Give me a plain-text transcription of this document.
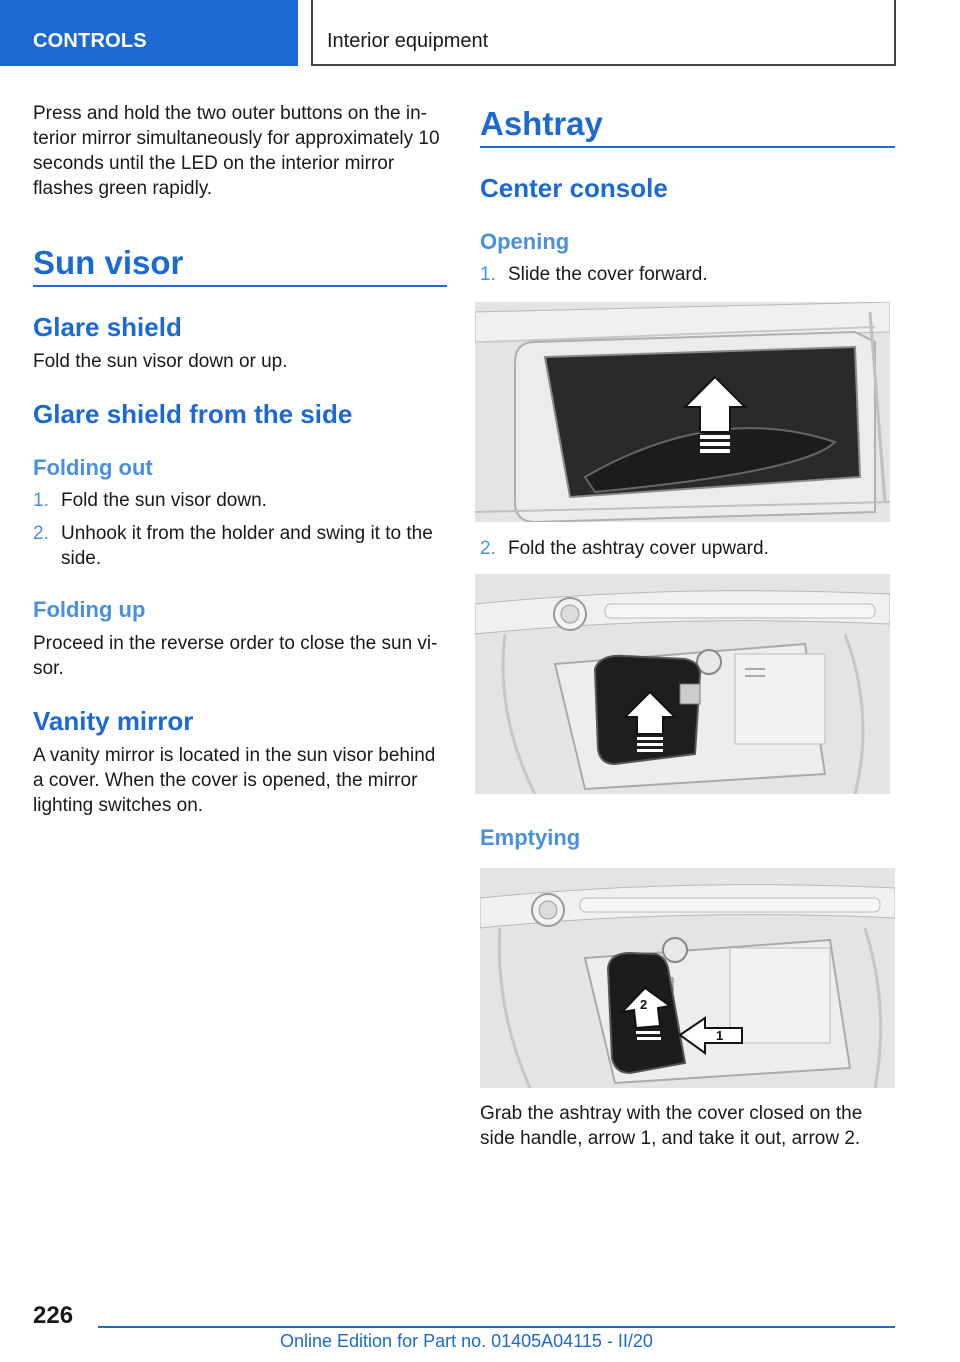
CONTROLS	Interior equipment

Press and hold the two outer buttons on the in-terior mirror simultaneously for approximately 10 seconds until the LED on the interior mirror flashes green rapidly.

Sun visor
Glare shield

Fold the sun visor down or up.

Glare shield from the side
Folding out
1. Fold the sun visor down.
2. Unhook it from the holder and swing it to the side.
Folding up

Proceed in the reverse order to close the sun vi-sor.

Vanity mirror

A vanity mirror is located in the sun visor behind a cover. When the cover is opened, the mirror lighting switches on.

Ashtray
Center console
Opening
1. Slide the cover forward.
2. Fold the ashtray cover upward.
Emptying
2
1

Grab the ashtray with the cover closed on the side handle, arrow 1, and take it out, arrow 2.

226
Online Edition for Part no. 01405A04115 - II/20
